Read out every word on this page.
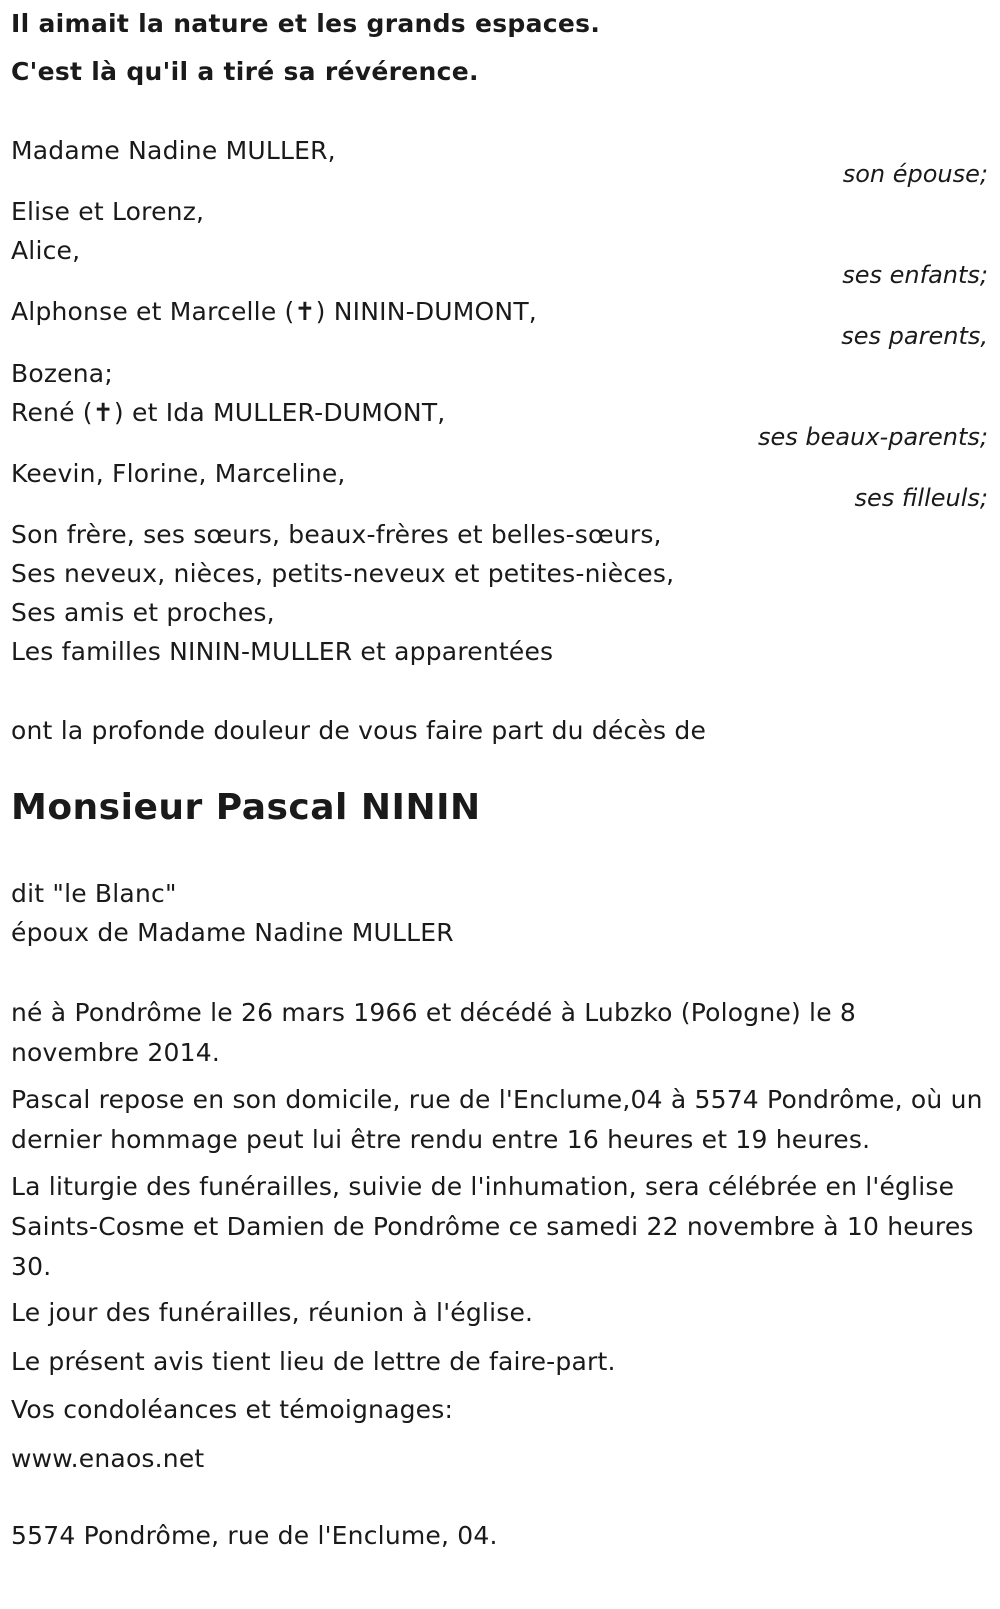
Il aimait la nature et les grands espaces.
C'est là qu'il a tiré sa révérence.
Madame Nadine MULLER,
son épouse;
Elise et Lorenz,
Alice,
ses enfants;
Alphonse et Marcelle (✝) NININ-DUMONT,
ses parents,
Bozena;
René (✝) et Ida MULLER-DUMONT,
ses beaux-parents;
Keevin, Florine, Marceline,
ses filleuls;
Son frère, ses sœurs, beaux-frères et belles-sœurs,
Ses neveux, nièces, petits-neveux et petites-nièces,
Ses amis et proches,
Les familles NININ-MULLER et apparentées
ont la profonde douleur de vous faire part du décès de
Monsieur Pascal NININ
dit "le Blanc"
époux de Madame Nadine MULLER
né à Pondrôme le 26 mars 1966 et décédé à Lubzko (Pologne) le 8 novembre 2014.
Pascal repose en son domicile, rue de l'Enclume,04 à 5574 Pondrôme, où un dernier hommage peut lui être rendu entre 16 heures et 19 heures.
La liturgie des funérailles, suivie de l'inhumation, sera célébrée en l'église Saints-Cosme et Damien de Pondrôme ce samedi 22 novembre à 10 heures 30.
Le jour des funérailles, réunion à l'église.
Le présent avis tient lieu de lettre de faire-part.
Vos condoléances et témoignages:
www.enaos.net
5574 Pondrôme, rue de l'Enclume, 04.
